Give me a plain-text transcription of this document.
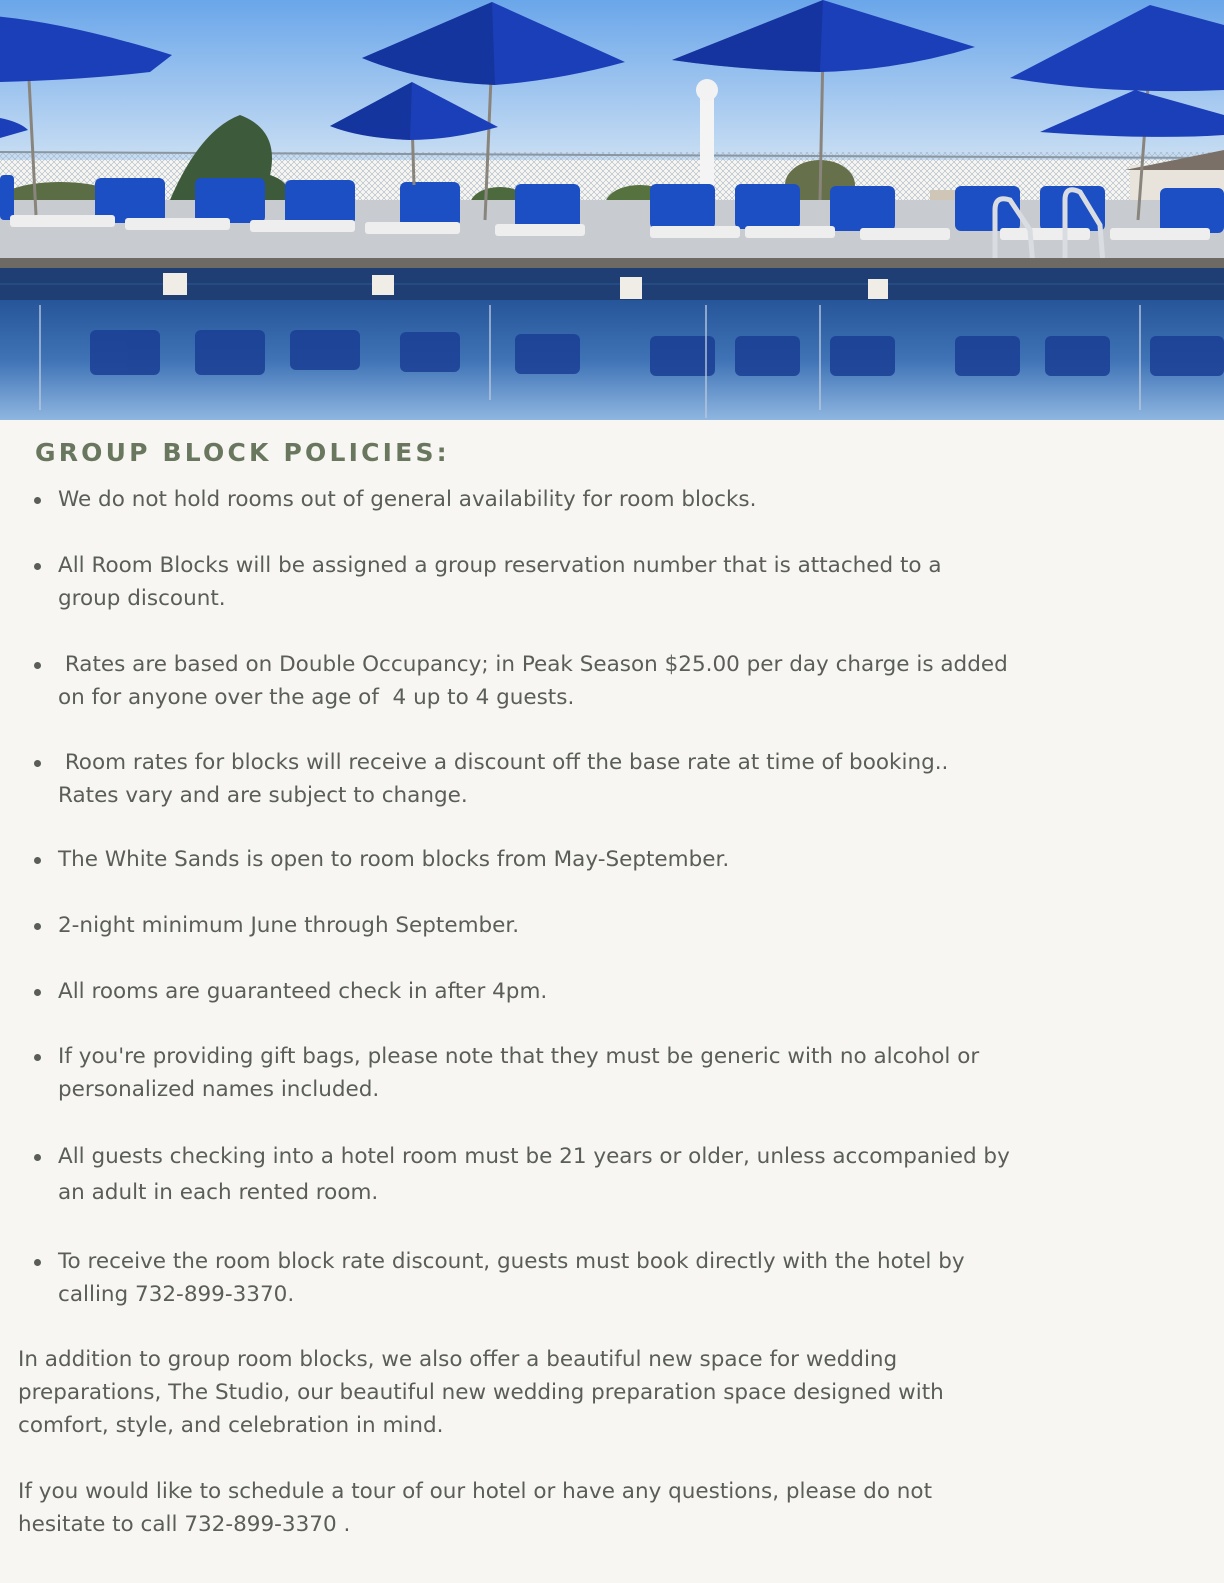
GROUP BLOCK POLICIES:
We do not hold rooms out of general availability for room blocks.
All Room Blocks will be assigned a group reservation number that is attached to a
group discount.
Rates are based on Double Occupancy; in Peak Season $25.00 per day charge is added
on for anyone over the age of  4 up to 4 guests.
Room rates for blocks will receive a discount off the base rate at time of booking..
Rates vary and are subject to change.
The White Sands is open to room blocks from May-September.
2-night minimum June through September.
All rooms are guaranteed check in after 4pm.
If you're providing gift bags, please note that they must be generic with no alcohol or
personalized names included.
All guests checking into a hotel room must be 21 years or older, unless accompanied by
an adult in each rented room.
To receive the room block rate discount, guests must book directly with the hotel by
calling 732-899-3370.
In addition to group room blocks, we also offer a beautiful new space for wedding
preparations, The Studio, our beautiful new wedding preparation space designed with
comfort, style, and celebration in mind.
If you would like to schedule a tour of our hotel or have any questions, please do not
hesitate to call 732-899-3370 .
